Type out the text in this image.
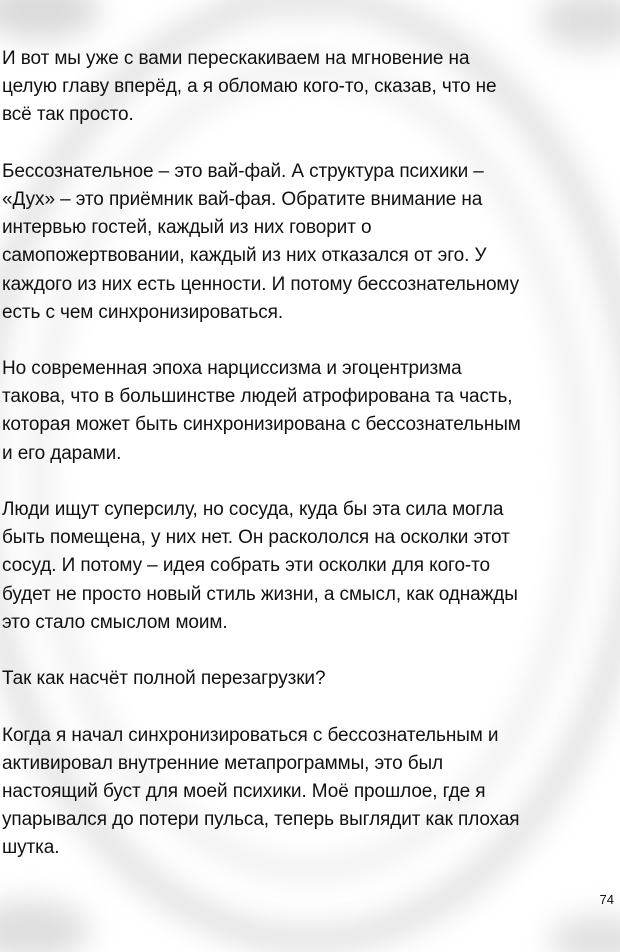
И вот мы уже с вами перескакиваем на мгновение на
целую главу вперёд, а я обломаю кого-то, сказав, что не
всё так просто.
Бессознательное – это вай-фай. А структура психики –
«Дух» – это приёмник вай-фая. Обратите внимание на
интервью гостей, каждый из них говорит о
самопожертвовании, каждый из них отказался от эго. У
каждого из них есть ценности. И потому бессознательному
есть с чем синхронизироваться.
Но современная эпоха нарциссизма и эгоцентризма
такова, что в большинстве людей атрофирована та часть,
которая может быть синхронизирована с бессознательным
и его дарами.
Люди ищут суперсилу, но сосуда, куда бы эта сила могла
быть помещена, у них нет. Он раскололся на осколки этот
сосуд. И потому – идея собрать эти осколки для кого-то
будет не просто новый стиль жизни, а смысл, как однажды
это стало смыслом моим.
Так как насчёт полной перезагрузки?
Когда я начал синхронизироваться с бессознательным и
активировал внутренние метапрограммы, это был
настоящий буст для моей психики. Моё прошлое, где я
упарывался до потери пульса, теперь выглядит как плохая
шутка.
74
